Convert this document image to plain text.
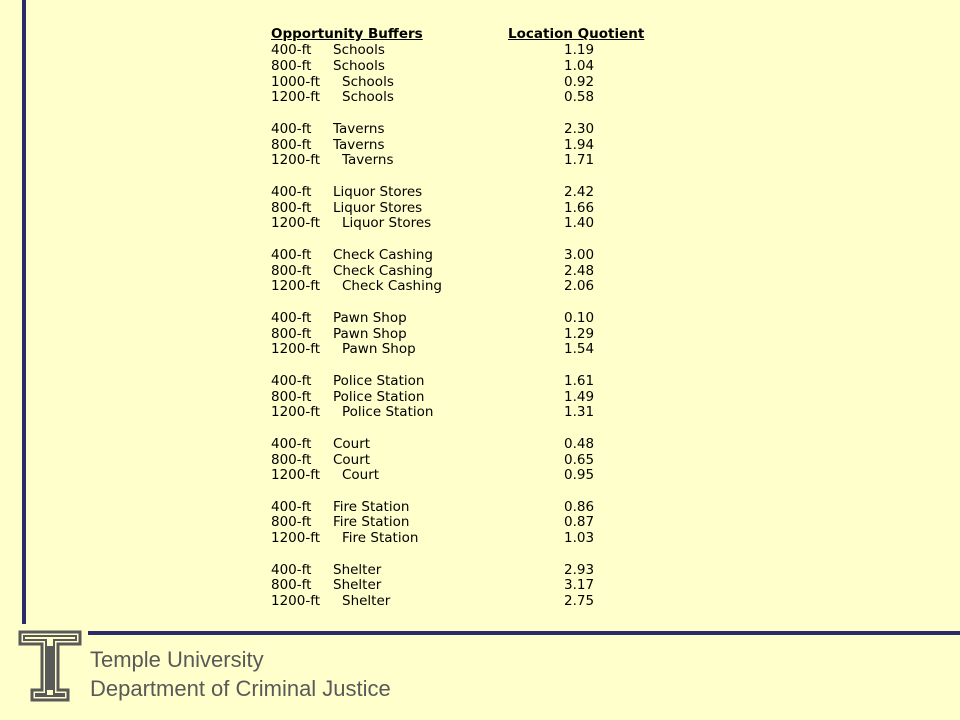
Temple University
Department of Criminal Justice
Opportunity Buffers	Location Quotient
400-ft Schools	1.19
800-ft Schools	1.04
1000-ft Schools	0.92
1200-ft Schools	0.58
400-ft Taverns	2.30
800-ft Taverns	1.94
1200-ft Taverns	1.71
400-ft Liquor Stores	2.42
800-ft Liquor Stores	1.66
1200-ft Liquor Stores	1.40
400-ft Check Cashing	3.00
800-ft Check Cashing	2.48
1200-ft Check Cashing	2.06
400-ft Pawn Shop	0.10
800-ft Pawn Shop	1.29
1200-ft Pawn Shop	1.54
400-ft Police Station	1.61
800-ft Police Station	1.49
1200-ft Police Station	1.31
400-ft Court	0.48
800-ft Court	0.65
1200-ft Court	0.95
400-ft Fire Station	0.86
800-ft Fire Station	0.87
1200-ft Fire Station	1.03
400-ft Shelter	2.93
800-ft Shelter	3.17
1200-ft Shelter	2.75
